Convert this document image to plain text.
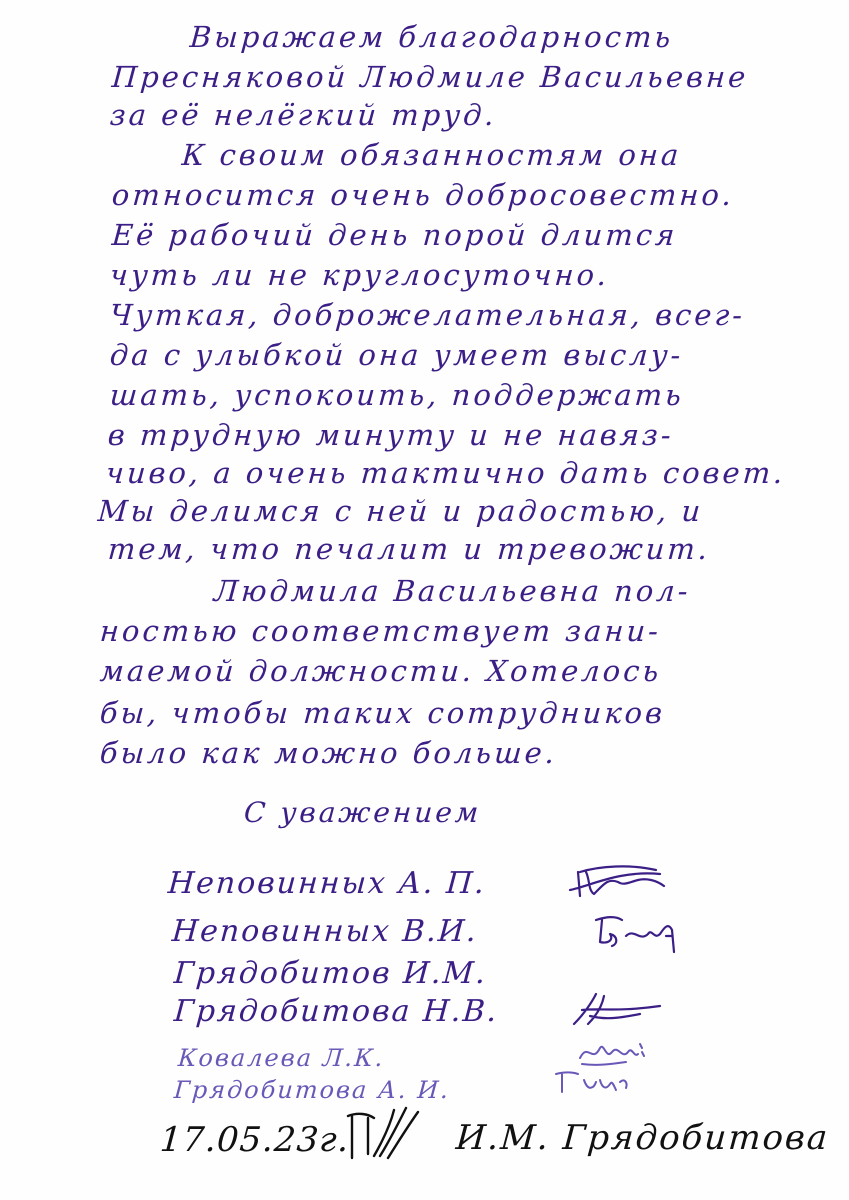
Выражаем благодарность
Пресняковой Людмиле Васильевне
за её нелёгкий труд.
К своим обязанностям она
относится очень добросовестно.
Её рабочий день порой длится
чуть ли не круглосуточно.
Чуткая, доброжелательная, всег-
да с улыбкой она умеет выслу-
шать, успокоить, поддержать
в трудную минуту и не навяз-
чиво, а очень тактично дать совет.
Мы делимся с ней и радостью, и
тем, что печалит и тревожит.
Людмила Васильевна пол-
ностью соответствует зани-
маемой должности. Хотелось
бы, чтобы таких сотрудников
было как можно больше.
С уважением
Неповинных А. П.
Неповинных В.И.
Грядобитов И.М.
Грядобитова Н.В.
Ковалева Л.К.
Грядобитова А. И.
17.05.23г.	И.М. Грядобитова
